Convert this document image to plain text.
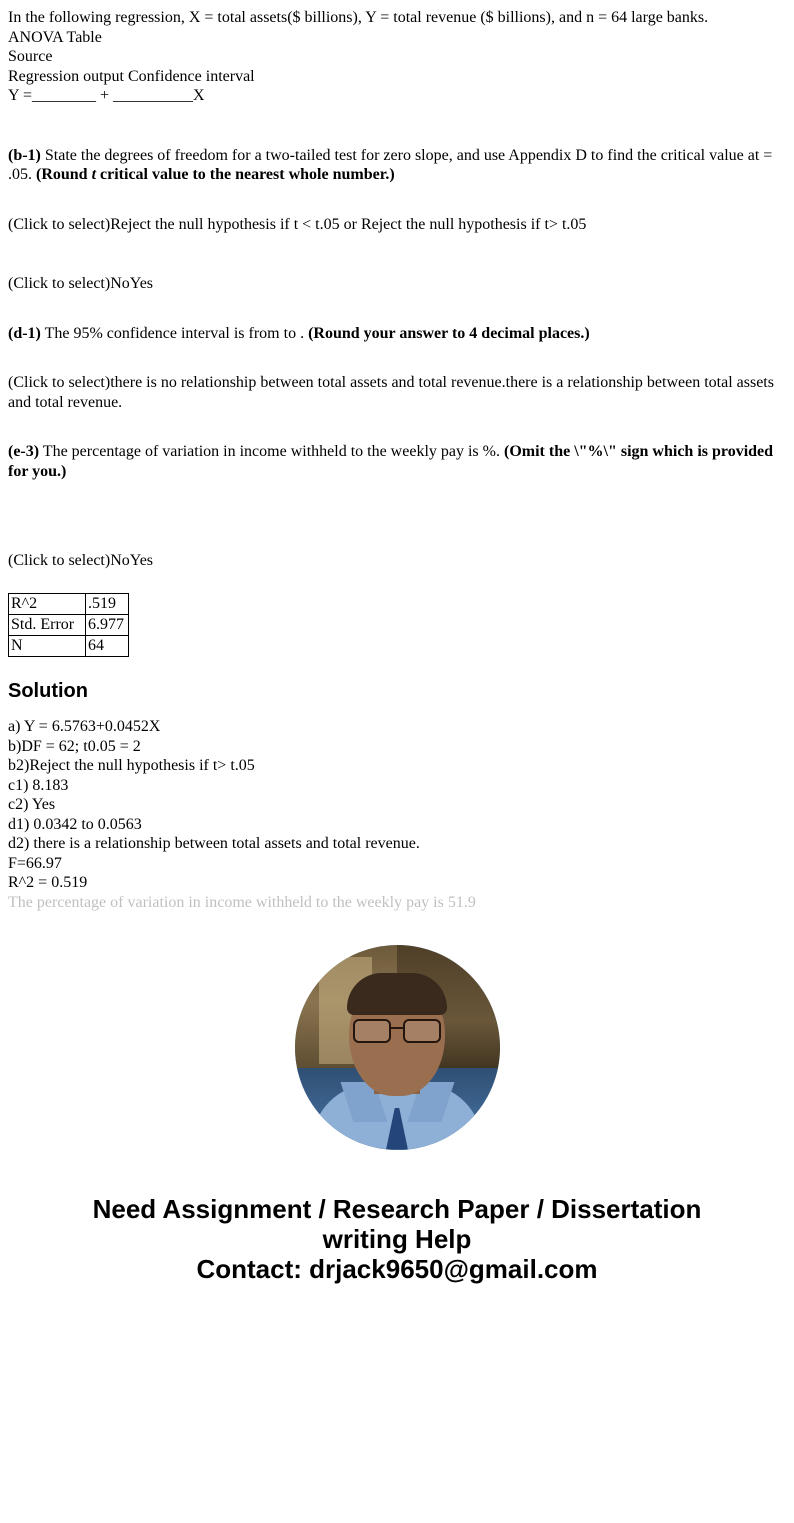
In the following regression, X = total assets($ billions), Y = total revenue ($ billions), and n = 64 large banks.

ANOVA Table

Source

Regression output Confidence interval

Y =________ + __________X

(b-1) State the degrees of freedom for a two-tailed test for zero slope, and use Appendix D to find the critical value at = .05. (Round t critical value to the nearest whole number.)

(Click to select)Reject the null hypothesis if t < t.05 or Reject the null hypothesis if t> t.05

(Click to select)NoYes

(d-1) The 95% confidence interval is from to . (Round your answer to 4 decimal places.)

(Click to select)there is no relationship between total assets and total revenue.there is a relationship between total assets and total revenue.

(e-3) The percentage of variation in income withheld to the weekly pay is %. (Omit the \"%\" sign which is provided for you.)

(Click to select)NoYes

R^2	.519
Std. Error	6.977
N	64
Solution

a) Y = 6.5763+0.0452X

b)DF = 62; t0.05 = 2

b2)Reject the null hypothesis if t> t.05

c1) 8.183

c2) Yes

d1) 0.0342 to 0.0563

d2) there is a relationship between total assets and total revenue.

F=66.97

R^2 = 0.519

The percentage of variation in income withheld to the weekly pay is 51.9

Need Assignment / Research Paper / Dissertation
writing Help
Contact: drjack9650@gmail.com
